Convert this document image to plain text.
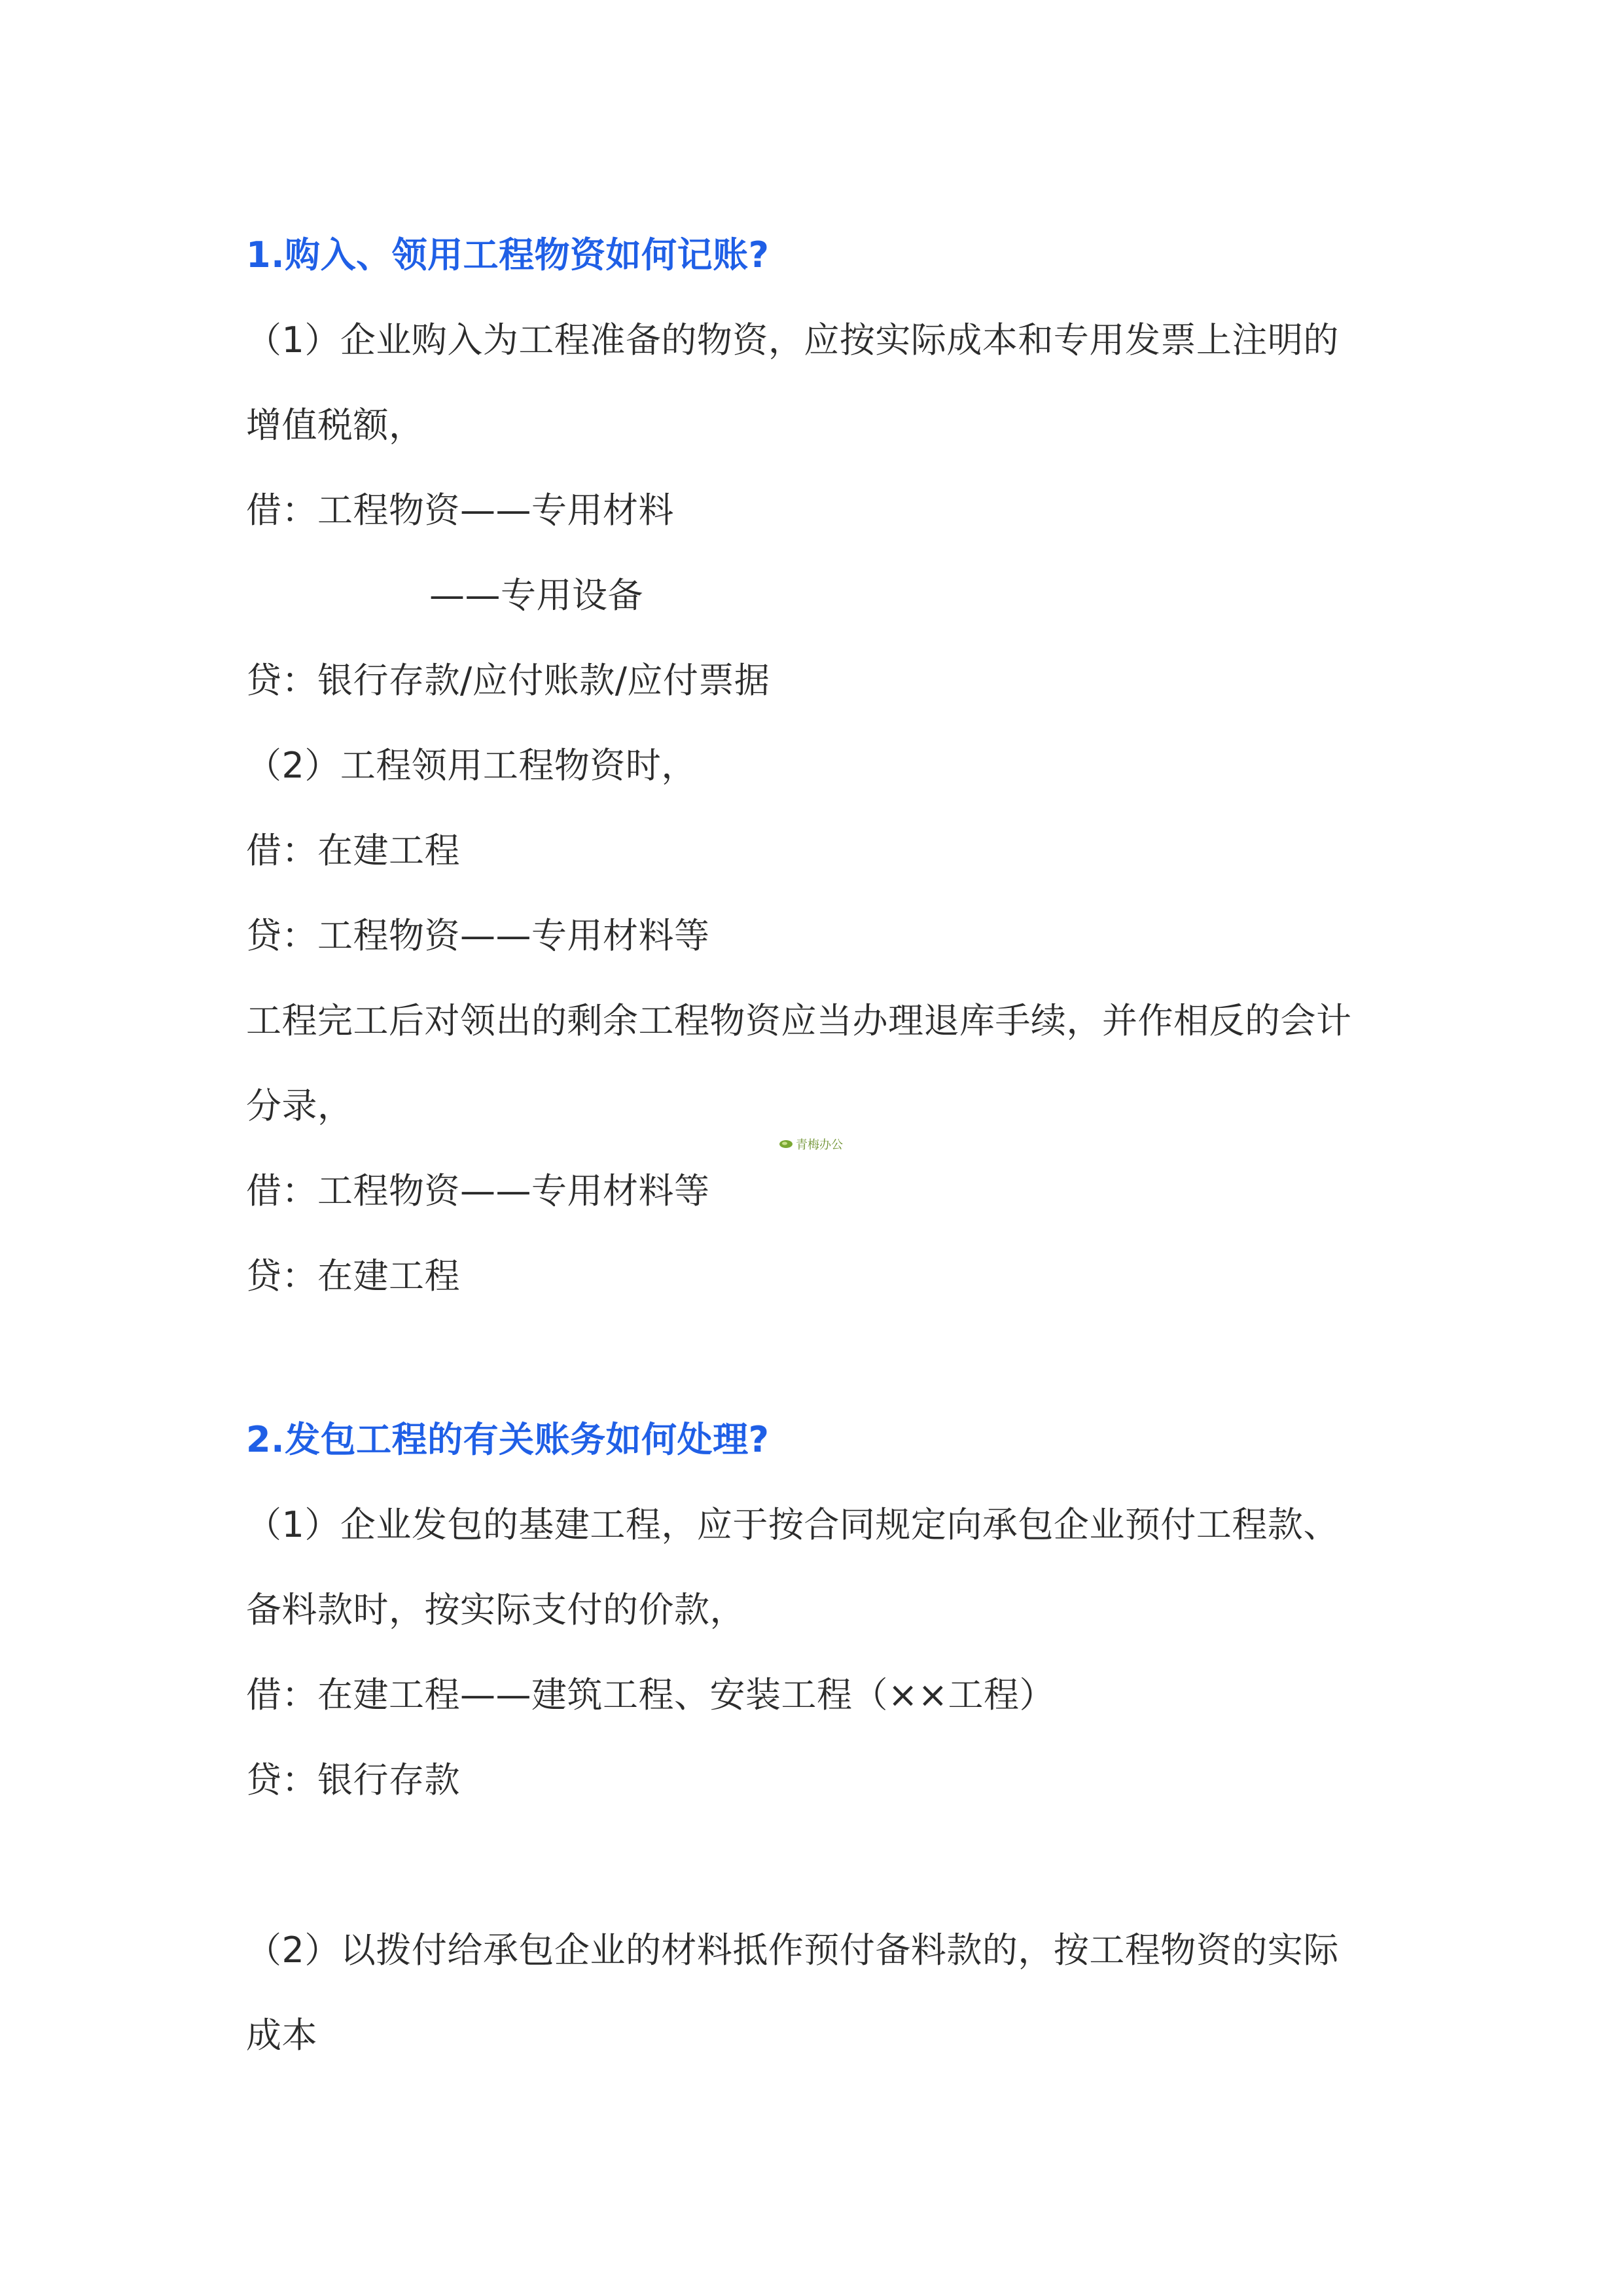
1.购入、领用工程物资如何记账?
（1）企业购入为工程准备的物资，应按实际成本和专用发票上注明的
增值税额，
借：工程物资——专用材料
——专用设备
贷：银行存款/应付账款/应付票据
（2）工程领用工程物资时，
借：在建工程
贷：工程物资——专用材料等
工程完工后对领出的剩余工程物资应当办理退库手续，并作相反的会计
分录，
青梅办公
借：工程物资——专用材料等
贷：在建工程
2.发包工程的有关账务如何处理?
（1）企业发包的基建工程，应于按合同规定向承包企业预付工程款、
备料款时，按实际支付的价款，
借：在建工程——建筑工程、安装工程（××工程）
贷：银行存款
（2）以拨付给承包企业的材料抵作预付备料款的，按工程物资的实际
成本
